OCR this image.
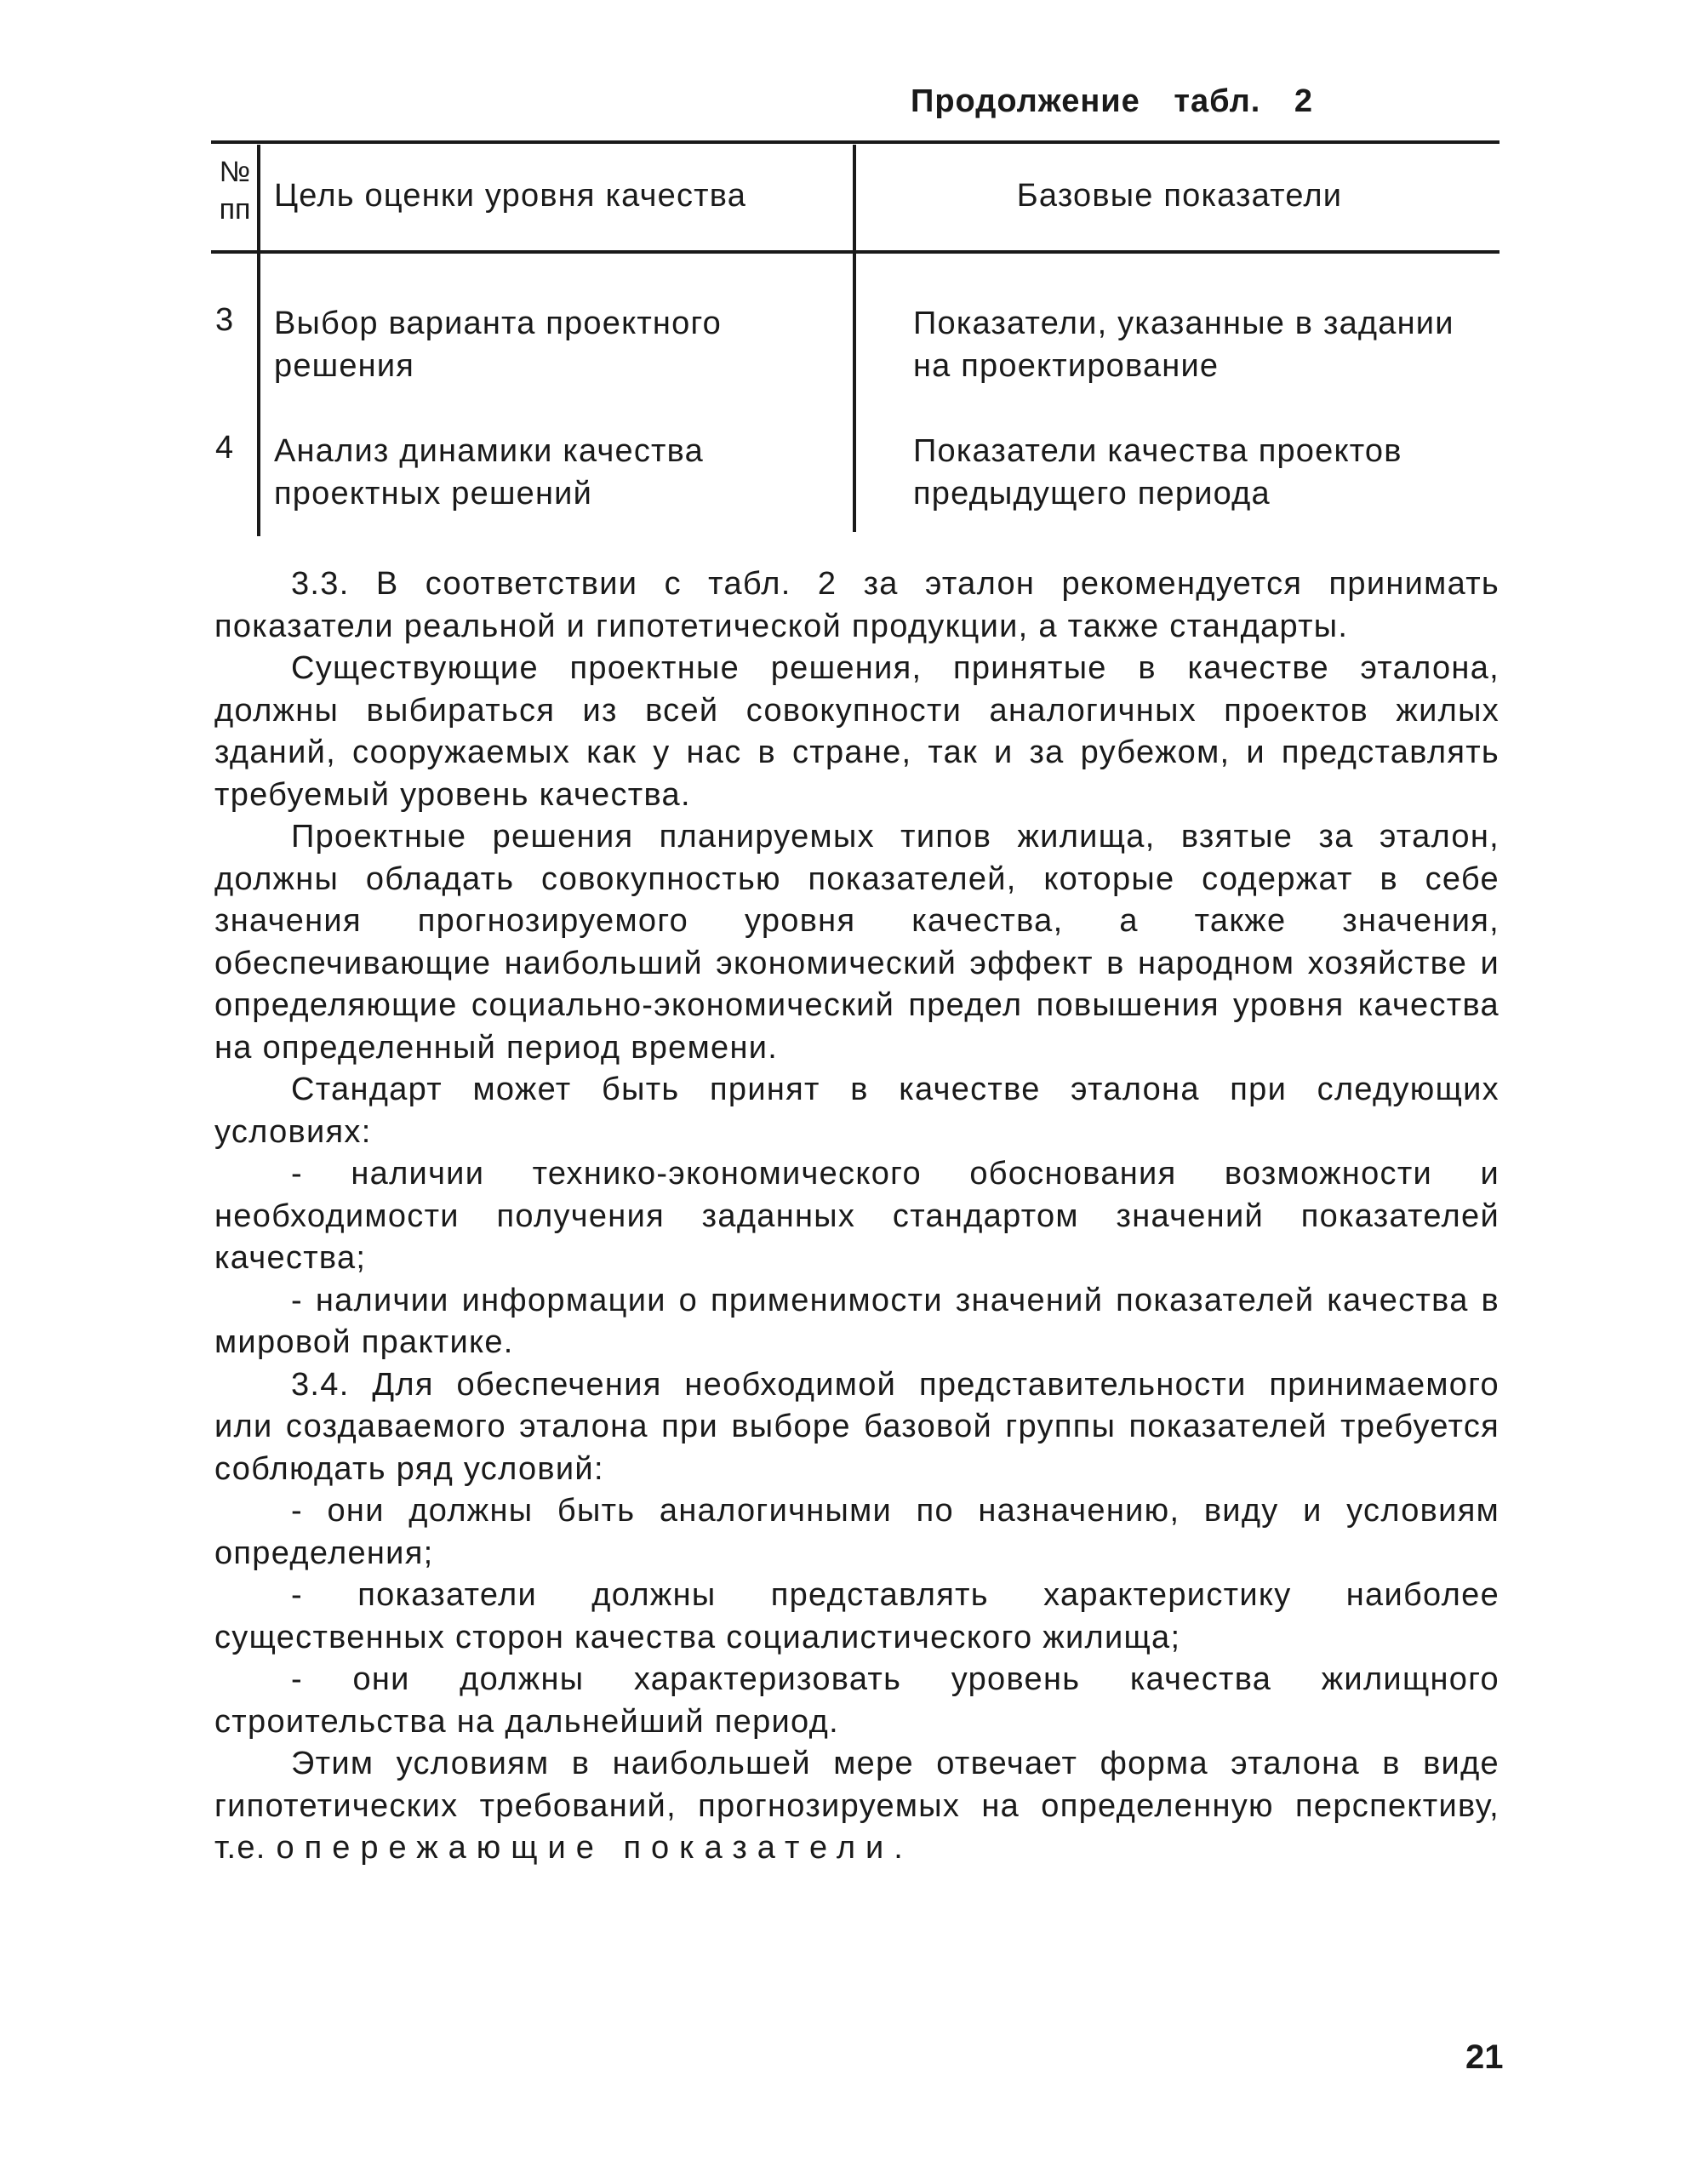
Продолжение табл. 2
№ пп Цель оценки уровня качества	Базовые показатели
3 Выбор варианта проектного решения
Показатели, указанные в задании на проектирование
4 Анализ динамики качества проектных решений
Показатели качества проектов предыдущего периода

3.3. В соответствии с табл. 2 за эталон рекомендуется принимать показатели реальной и гипотетической продукции, а также стандарты.

Существующие проектные решения, принятые в качестве эталона, должны выбираться из всей совокупности аналогичных проектов жилых зданий, сооружаемых как у нас в стране, так и за рубежом, и представлять требуемый уровень качества.

Проектные решения планируемых типов жилища, взятые за эталон, должны обладать совокупностью показателей, которые содержат в себе значения прогнозируемого уровня качества, а также значения, обеспечивающие наибольший экономический эффект в народном хозяйстве и определяющие социально-экономический предел повышения уровня качества на определенный период времени.

Стандарт может быть принят в качестве эталона при следующих условиях:

- наличии технико-экономического обоснования возможности и необходимости получения заданных стандартом значений показателей качества;

- наличии информации о применимости значений показателей качества в мировой практике.

3.4. Для обеспечения необходимой представительности принимаемого или создаваемого эталона при выборе базовой группы показателей требуется соблюдать ряд условий:

- они должны быть аналогичными по назначению, виду и условиям определения;

- показатели должны представлять характеристику наиболее существенных сторон качества социалистического жилища;

- они должны характеризовать уровень качества жилищного строительства на дальнейший период.

Этим условиям в наибольшей мере отвечает форма эталона в виде гипотетических требований, прогнозируемых на определенную перспективу, т.е. опережающие показатели.

21
